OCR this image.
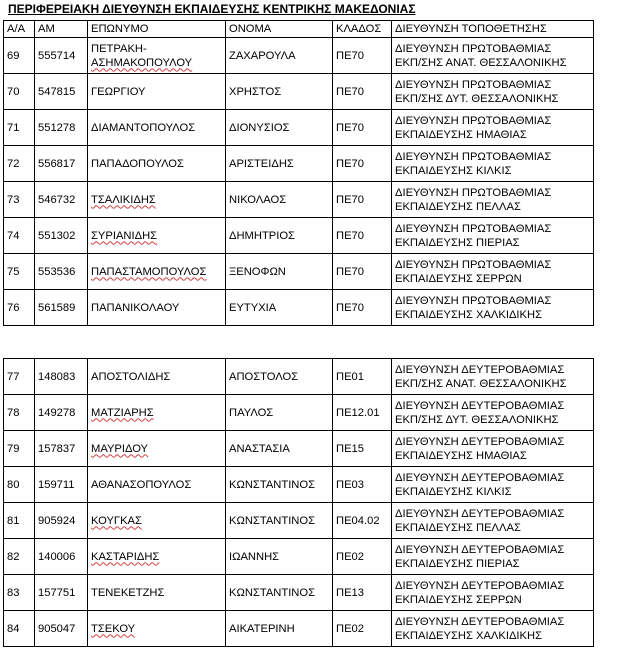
ΠΕΡΙΦΕΡΕΙΑΚΗ ΔΙΕΥΘΥΝΣΗ ΕΚΠΑΙΔΕΥΣΗΣ ΚΕΝΤΡΙΚΗΣ ΜΑΚΕΔΟΝΙΑΣ
Α/Α	ΑΜ	ΕΠΩΝΥΜΟ	ΟΝΟΜΑ	ΚΛΑΔΟΣ	ΔΙΕΥΘΥΝΣΗ ΤΟΠΟΘΕΤΗΣΗΣ
69	555714	ΠΕΤΡΑΚΗ-
ΑΣΗΜΑΚΟΠΟΥΛΟΥ	ΖΑΧΑΡΟΥΛΑ	ΠΕ70	ΔΙΕΥΘΥΝΣΗ ΠΡΩΤΟΒΑΘΜΙΑΣ
ΕΚΠ/ΣΗΣ ΑΝΑΤ. ΘΕΣΣΑΛΟΝΙΚΗΣ

70	547815	ΓΕΩΡΓΙΟΥ	ΧΡΗΣΤΟΣ	ΠΕ70	ΔΙΕΥΘΥΝΣΗ ΠΡΩΤΟΒΑΘΜΙΑΣ
ΕΚΠ/ΣΗΣ ΔΥΤ. ΘΕΣΣΑΛΟΝΙΚΗΣ

71	551278	ΔΙΑΜΑΝΤΟΠΟΥΛΟΣ	ΔΙΟΝΥΣΙΟΣ	ΠΕ70	ΔΙΕΥΘΥΝΣΗ ΠΡΩΤΟΒΑΘΜΙΑΣ
ΕΚΠΑΙΔΕΥΣΗΣ ΗΜΑΘΙΑΣ

72	556817	ΠΑΠΑΔΟΠΟΥΛΟΣ	ΑΡΙΣΤΕΙΔΗΣ	ΠΕ70	ΔΙΕΥΘΥΝΣΗ ΠΡΩΤΟΒΑΘΜΙΑΣ
ΕΚΠΑΙΔΕΥΣΗΣ ΚΙΛΚΙΣ

73	546732	ΤΣΑΛΙΚΙΔΗΣ	ΝΙΚΟΛΑΟΣ	ΠΕ70	ΔΙΕΥΘΥΝΣΗ ΠΡΩΤΟΒΑΘΜΙΑΣ
ΕΚΠΑΙΔΕΥΣΗΣ ΠΕΛΛΑΣ

74	551302	ΣΥΡΙΑΝΙΔΗΣ	ΔΗΜΗΤΡΙΟΣ	ΠΕ70	ΔΙΕΥΘΥΝΣΗ ΠΡΩΤΟΒΑΘΜΙΑΣ
ΕΚΠΑΙΔΕΥΣΗΣ ΠΙΕΡΙΑΣ

75	553536	ΠΑΠΑΣΤΑΜΟΠΟΥΛΟΣ	ΞΕΝΟΦΩΝ	ΠΕ70	ΔΙΕΥΘΥΝΣΗ ΠΡΩΤΟΒΑΘΜΙΑΣ
ΕΚΠΑΙΔΕΥΣΗΣ ΣΕΡΡΩΝ

76	561589	ΠΑΠΑΝΙΚΟΛΑΟΥ	ΕΥΤΥΧΙΑ	ΠΕ70	ΔΙΕΥΘΥΝΣΗ ΠΡΩΤΟΒΑΘΜΙΑΣ
ΕΚΠΑΙΔΕΥΣΗΣ ΧΑΛΚΙΔΙΚΗΣ
77	148083	ΑΠΟΣΤΟΛΙΔΗΣ	ΑΠΟΣΤΟΛΟΣ	ΠΕ01	ΔΙΕΥΘΥΝΣΗ ΔΕΥΤΕΡΟΒΑΘΜΙΑΣ
ΕΚΠ/ΣΗΣ ΑΝΑΤ. ΘΕΣΣΑΛΟΝΙΚΗΣ

78	149278	ΜΑΤΖΙΑΡΗΣ	ΠΑΥΛΟΣ	ΠΕ12.01	ΔΙΕΥΘΥΝΣΗ ΔΕΥΤΕΡΟΒΑΘΜΙΑΣ
ΕΚΠ/ΣΗΣ ΔΥΤ. ΘΕΣΣΑΛΟΝΙΚΗΣ

79	157837	ΜΑΥΡΙΔΟΥ	ΑΝΑΣΤΑΣΙΑ	ΠΕ15	ΔΙΕΥΘΥΝΣΗ ΔΕΥΤΕΡΟΒΑΘΜΙΑΣ
ΕΚΠΑΙΔΕΥΣΗΣ ΗΜΑΘΙΑΣ

80	159711	ΑΘΑΝΑΣΟΠΟΥΛΟΣ	ΚΩΝΣΤΑΝΤΙΝΟΣ	ΠΕ03	ΔΙΕΥΘΥΝΣΗ ΔΕΥΤΕΡΟΒΑΘΜΙΑΣ
ΕΚΠΑΙΔΕΥΣΗΣ ΚΙΛΚΙΣ

81	905924	ΚΟΥΓΚΑΣ	ΚΩΝΣΤΑΝΤΙΝΟΣ	ΠΕ04.02	ΔΙΕΥΘΥΝΣΗ ΔΕΥΤΕΡΟΒΑΘΜΙΑΣ
ΕΚΠΑΙΔΕΥΣΗΣ ΠΕΛΛΑΣ

82	140006	ΚΑΣΤΑΡΙΔΗΣ	ΙΩΑΝΝΗΣ	ΠΕ02	ΔΙΕΥΘΥΝΣΗ ΔΕΥΤΕΡΟΒΑΘΜΙΑΣ
ΕΚΠΑΙΔΕΥΣΗΣ ΠΙΕΡΙΑΣ

83	157751	ΤΕΝΕΚΕΤΖΗΣ	ΚΩΝΣΤΑΝΤΙΝΟΣ	ΠΕ13	ΔΙΕΥΘΥΝΣΗ ΔΕΥΤΕΡΟΒΑΘΜΙΑΣ
ΕΚΠΑΙΔΕΥΣΗΣ ΣΕΡΡΩΝ

84	905047	ΤΣΕΚΟΥ	ΑΙΚΑΤΕΡΙΝΗ	ΠΕ02	ΔΙΕΥΘΥΝΣΗ ΔΕΥΤΕΡΟΒΑΘΜΙΑΣ
ΕΚΠΑΙΔΕΥΣΗΣ ΧΑΛΚΙΔΙΚΗΣ
